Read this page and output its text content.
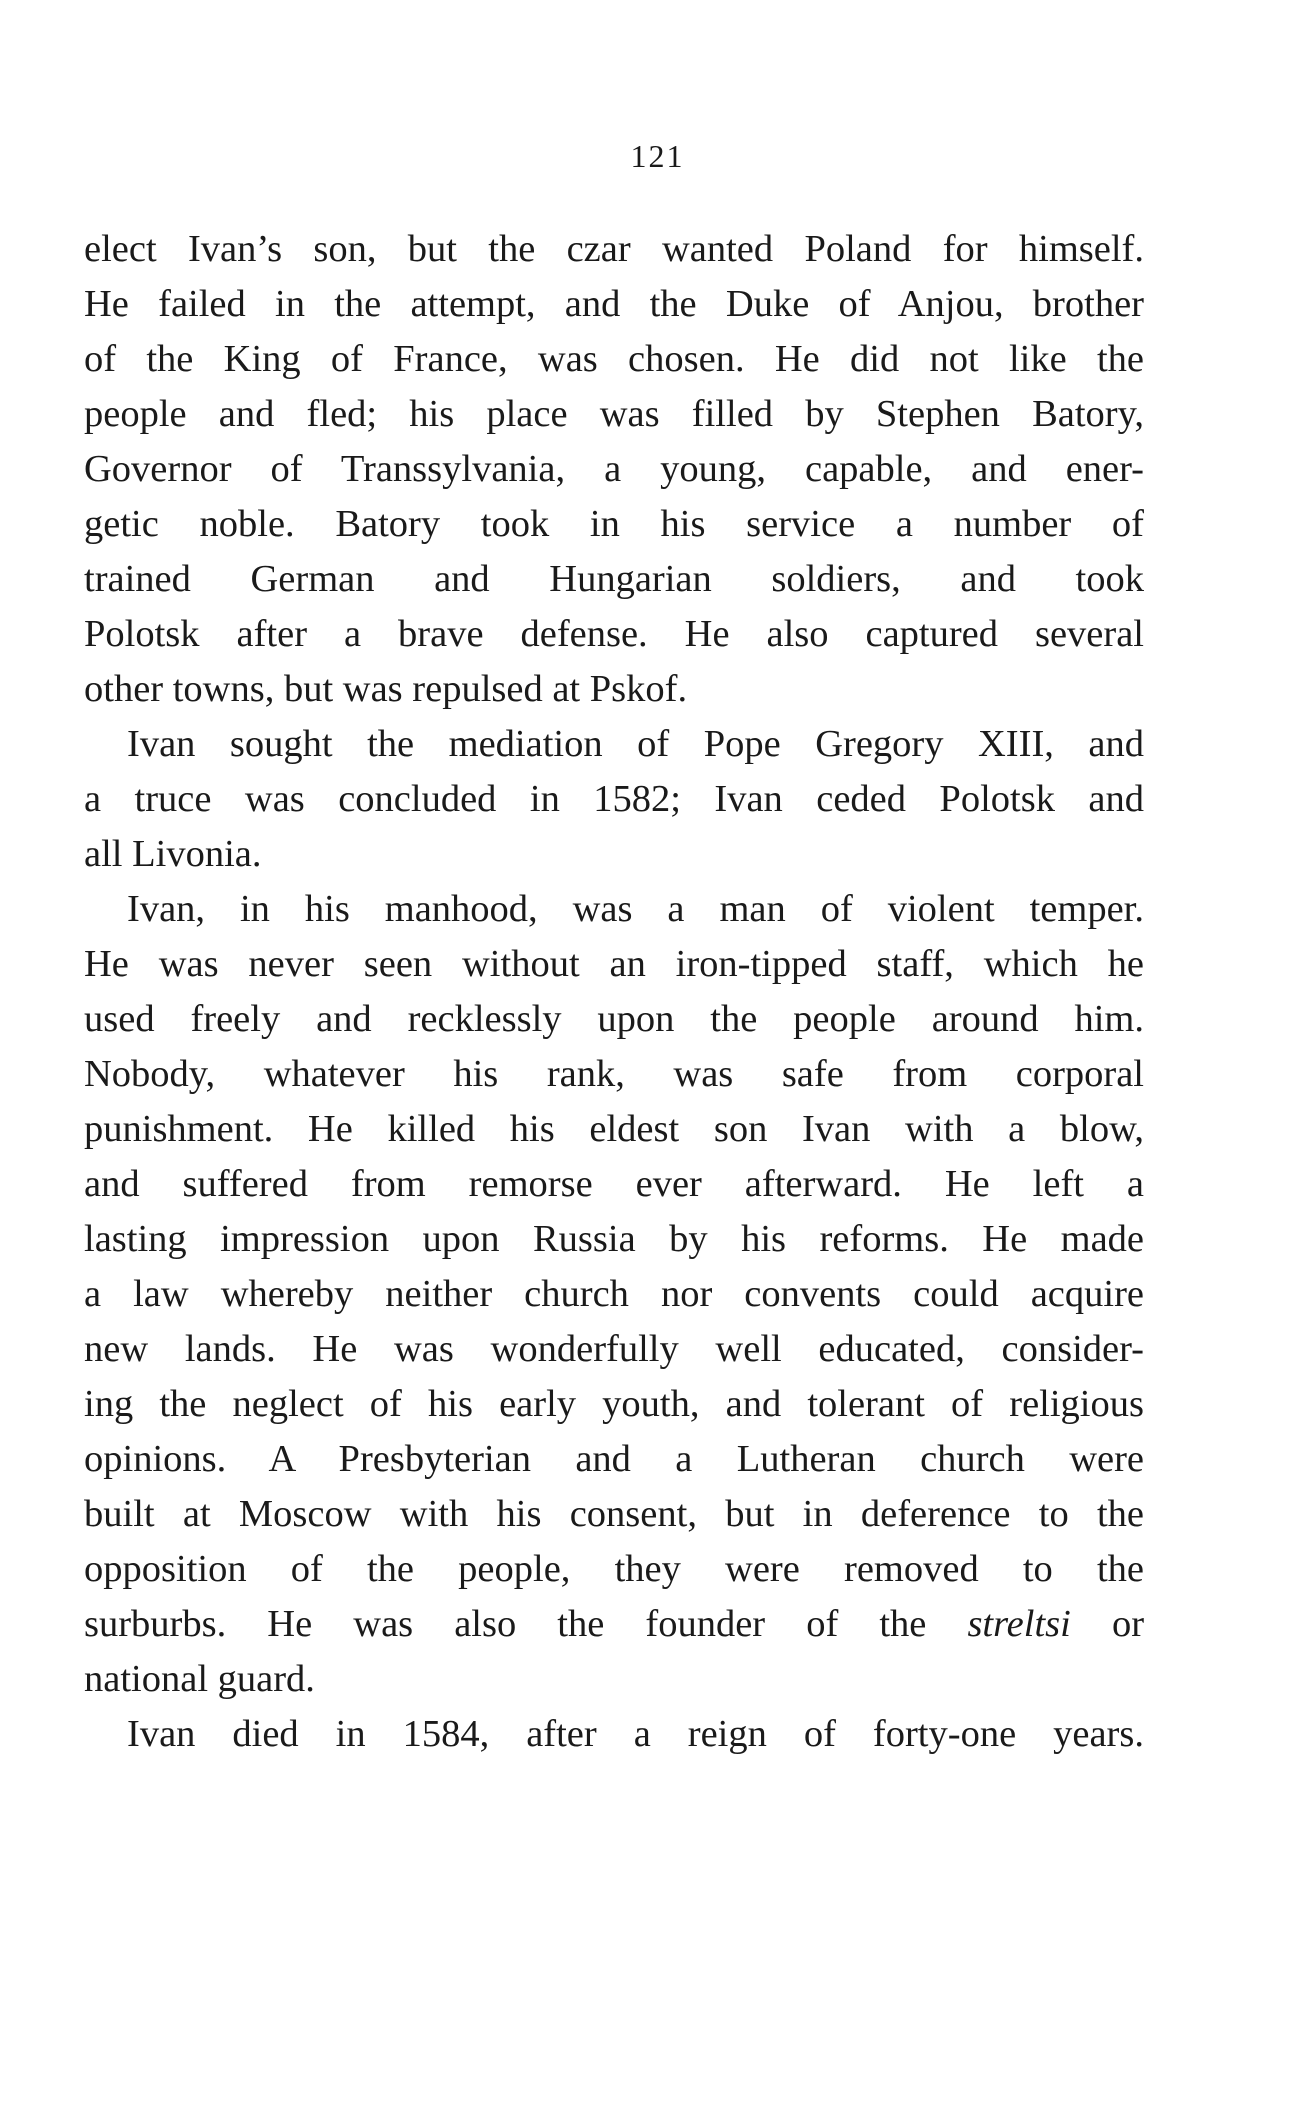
121

elect Ivan’s son, but the czar wanted Poland for himself.
He failed in the attempt, and the Duke of Anjou, brother
of the King of France, was chosen. He did not like the
people and fled; his place was filled by Stephen Batory,
Governor of Transsylvania, a young, capable, and ener-
getic noble. Batory took in his service a number of
trained German and Hungarian soldiers, and took
Polotsk after a brave defense. He also captured several
other towns, but was repulsed at Pskof.

Ivan sought the mediation of Pope Gregory XIII, and
a truce was concluded in 1582; Ivan ceded Polotsk and
all Livonia.

Ivan, in his manhood, was a man of violent temper.
He was never seen without an iron-tipped staff, which he
used freely and recklessly upon the people around him.
Nobody, whatever his rank, was safe from corporal
punishment. He killed his eldest son Ivan with a blow,
and suffered from remorse ever afterward. He left a
lasting impression upon Russia by his reforms. He made
a law whereby neither church nor convents could acquire
new lands. He was wonderfully well educated, consider-
ing the neglect of his early youth, and tolerant of religious
opinions. A Presbyterian and a Lutheran church were
built at Moscow with his consent, but in deference to the
opposition of the people, they were removed to the
surburbs. He was also the founder of the streltsi or
national guard.

Ivan died in 1584, after a reign of forty-one years.
